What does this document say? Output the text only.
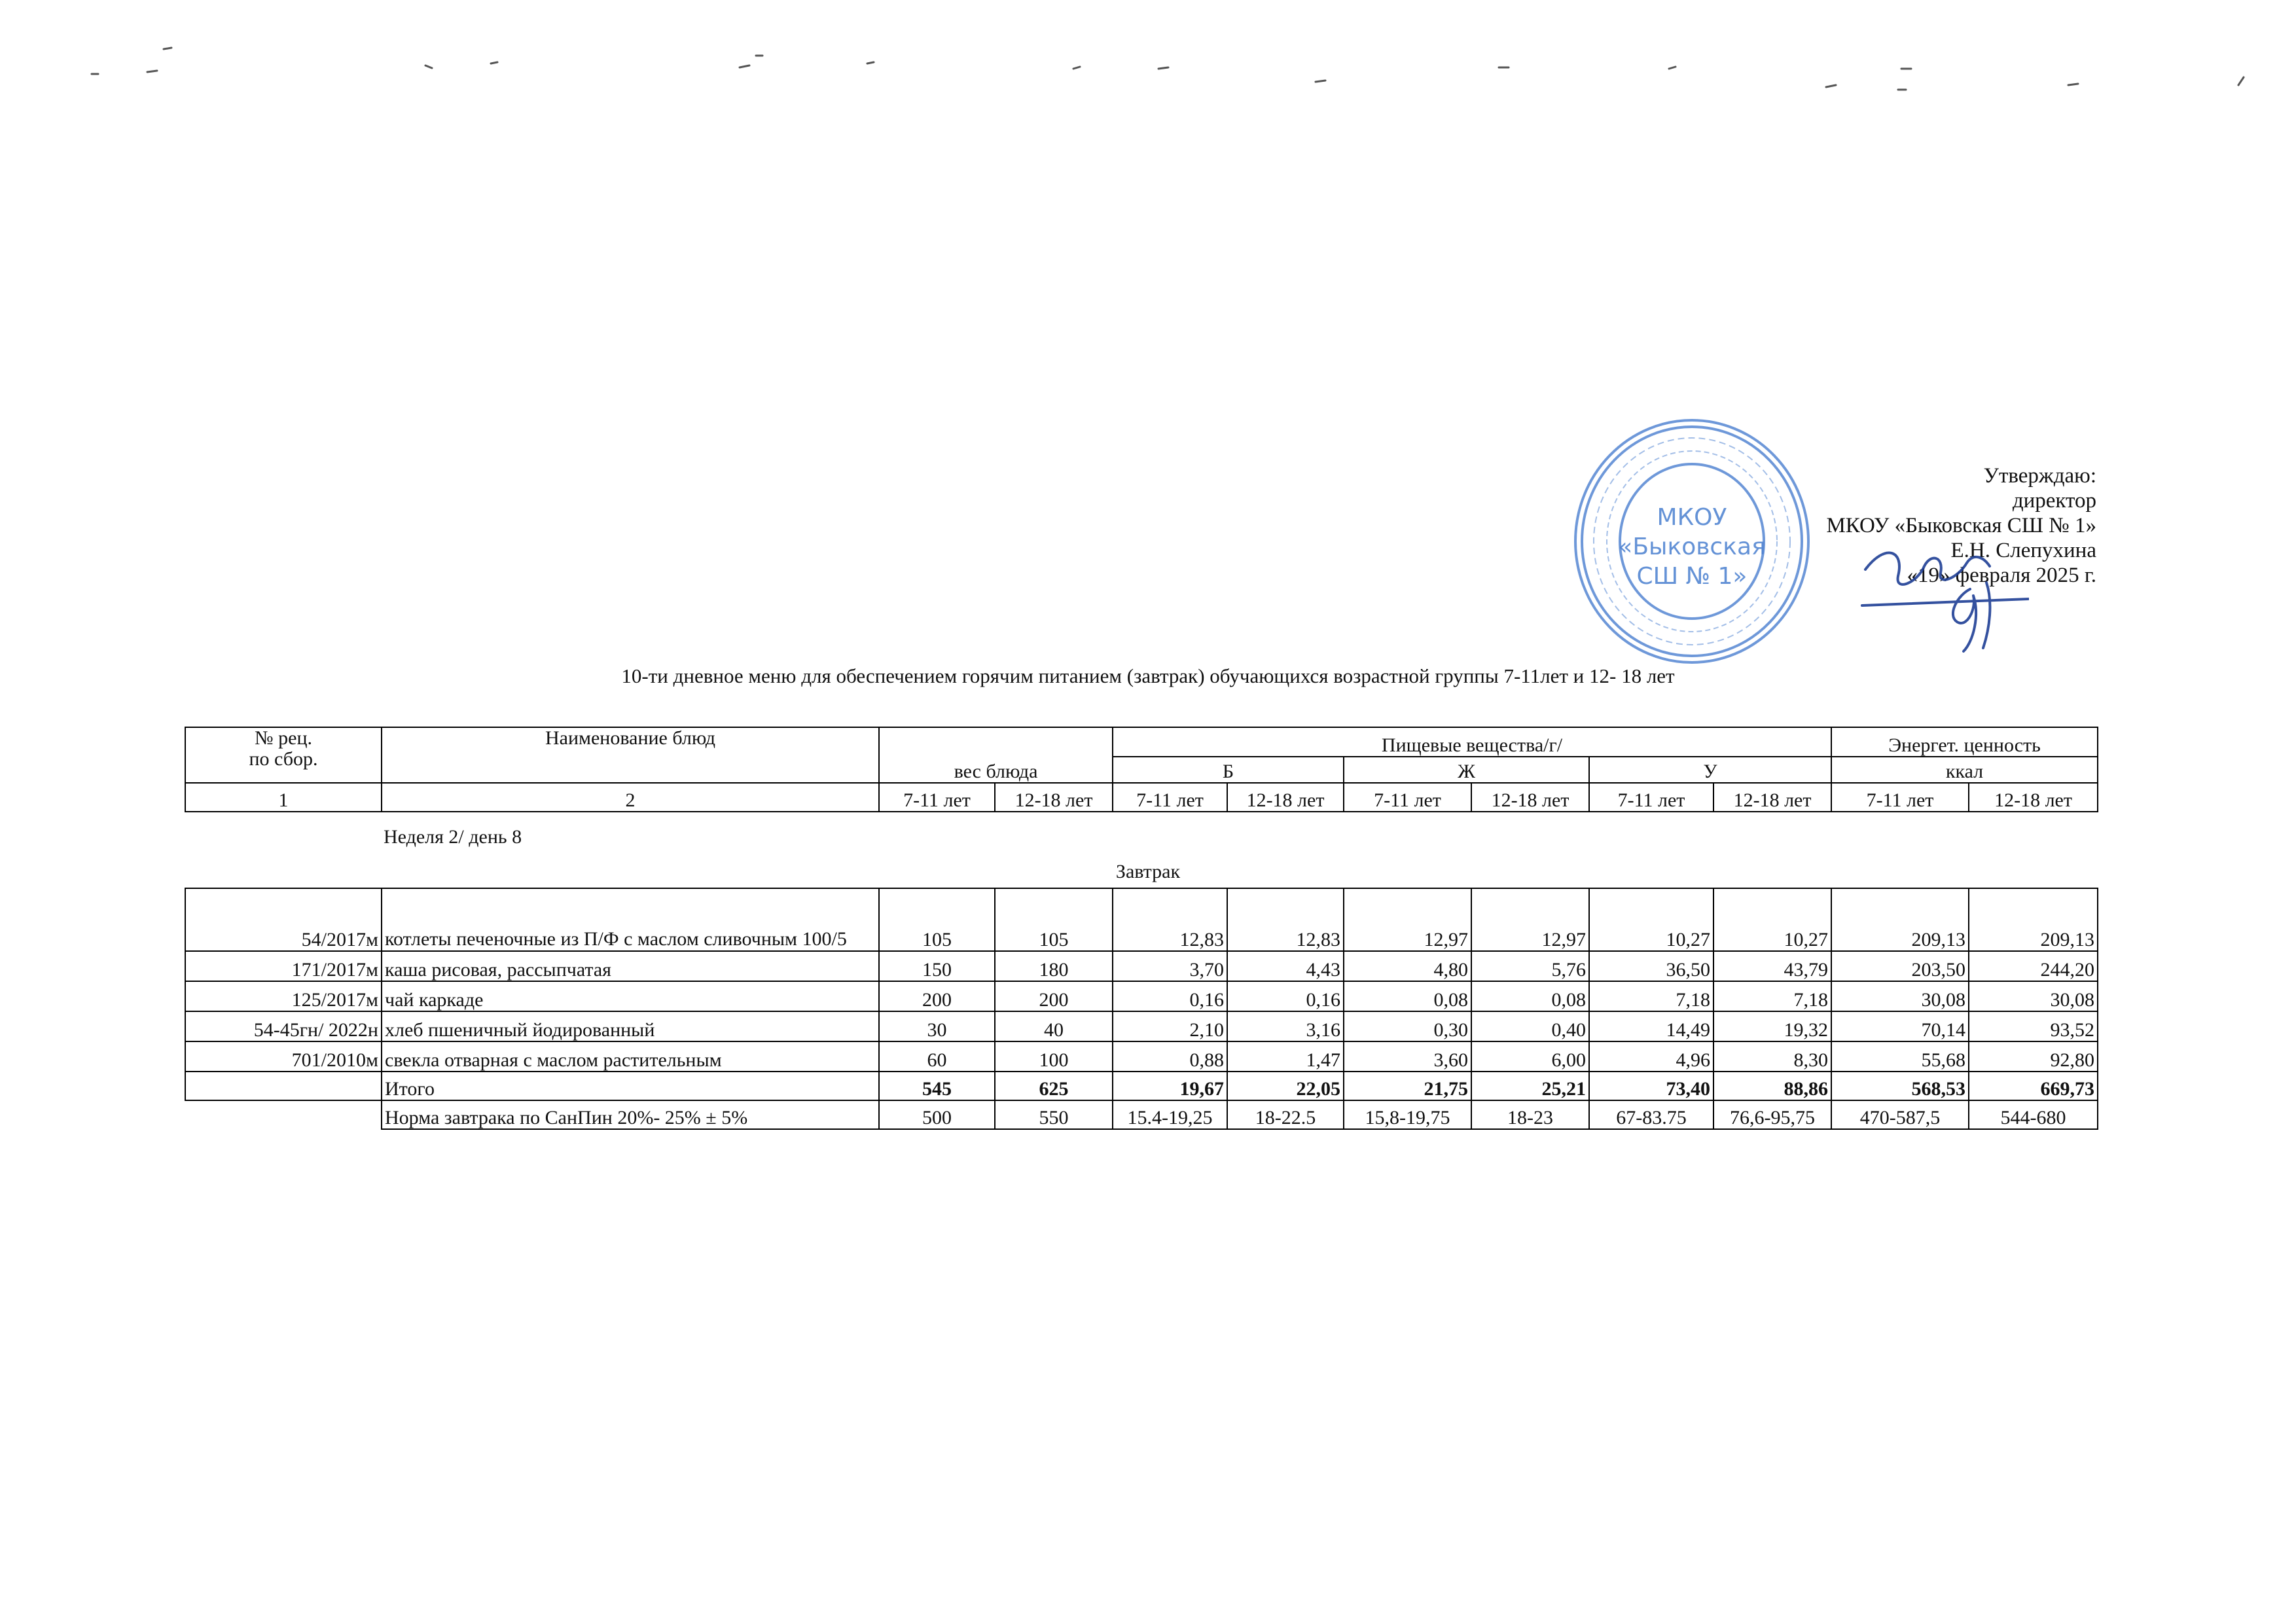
Утверждаю:
директор
МКОУ «Быковская СШ № 1»
Е.Н. Слепухина
«19» февраля 2025 г.
МКОУ
«Быковская
СШ № 1»
10-ти дневное меню для обеспечением горячим питанием (завтрак) обучающихся возрастной группы 7-11лет и 12- 18 лет
№ рец.
по сбор.	Наименование блюд	вес блюда		Пищевые вещества/г/						Энергет. ценность	
				Б		Ж		У		ккал	
1	2	7-11 лет	12-18 лет	7-11 лет	12-18 лет	7-11 лет	12-18 лет	7-11 лет	12-18 лет	7-11 лет	12-18 лет
Неделя 2/ день 8
Завтрак
54/2017м	котлеты печеночные из П/Ф с маслом сливочным 100/5	105	105	12,83	12,83	12,97	12,97	10,27	10,27	209,13	209,13
171/2017м	каша рисовая, рассыпчатая	150	180	3,70	4,43	4,80	5,76	36,50	43,79	203,50	244,20
125/2017м	чай каркаде	200	200	0,16	0,16	0,08	0,08	7,18	7,18	30,08	30,08
54-45гн/ 2022н	хлеб пшеничный йодированный	30	40	2,10	3,16	0,30	0,40	14,49	19,32	70,14	93,52
701/2010м	свекла отварная с маслом растительным	60	100	0,88	1,47	3,60	6,00	4,96	8,30	55,68	92,80
	Итого	545	625	19,67	22,05	21,75	25,21	73,40	88,86	568,53	669,73
	Норма завтрака по СанПин 20%- 25% ± 5%	500	550	15.4-19,25	18-22.5	15,8-19,75	18-23	67-83.75	76,6-95,75	470-587,5	544-680
